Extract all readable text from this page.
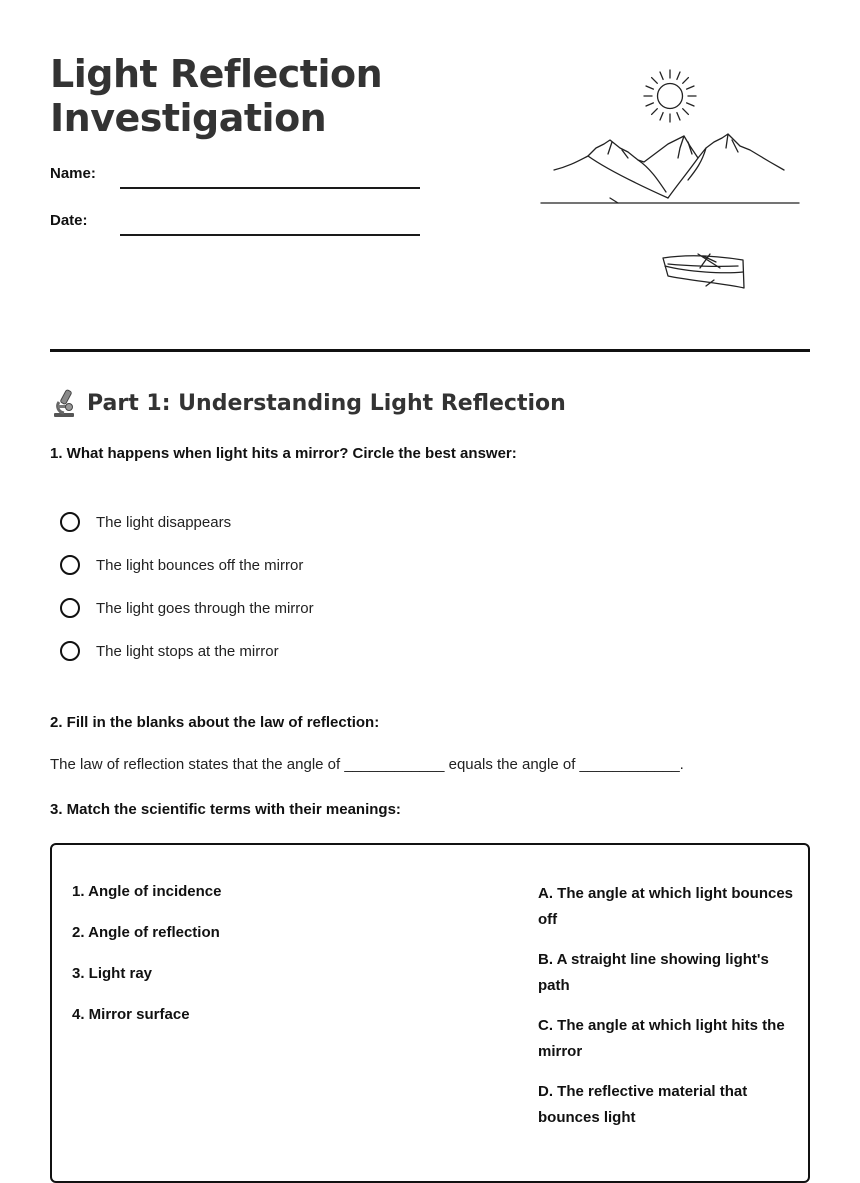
Light Reflection
Investigation
Name:
Date:
Part 1: Understanding Light Reflection

1. What happens when light hits a mirror? Circle the best answer:

The light disappears
The light bounces off the mirror
The light goes through the mirror
The light stops at the mirror

2. Fill in the blanks about the law of reflection:

The law of reflection states that the angle of ____________ equals the angle of ____________.

3. Match the scientific terms with their meanings:

1. Angle of incidence
2. Angle of reflection
3. Light ray
4. Mirror surface
A. The angle at which light bounces off
B. A straight line showing light's path
C. The angle at which light hits the mirror
D. The reflective material that bounces light
